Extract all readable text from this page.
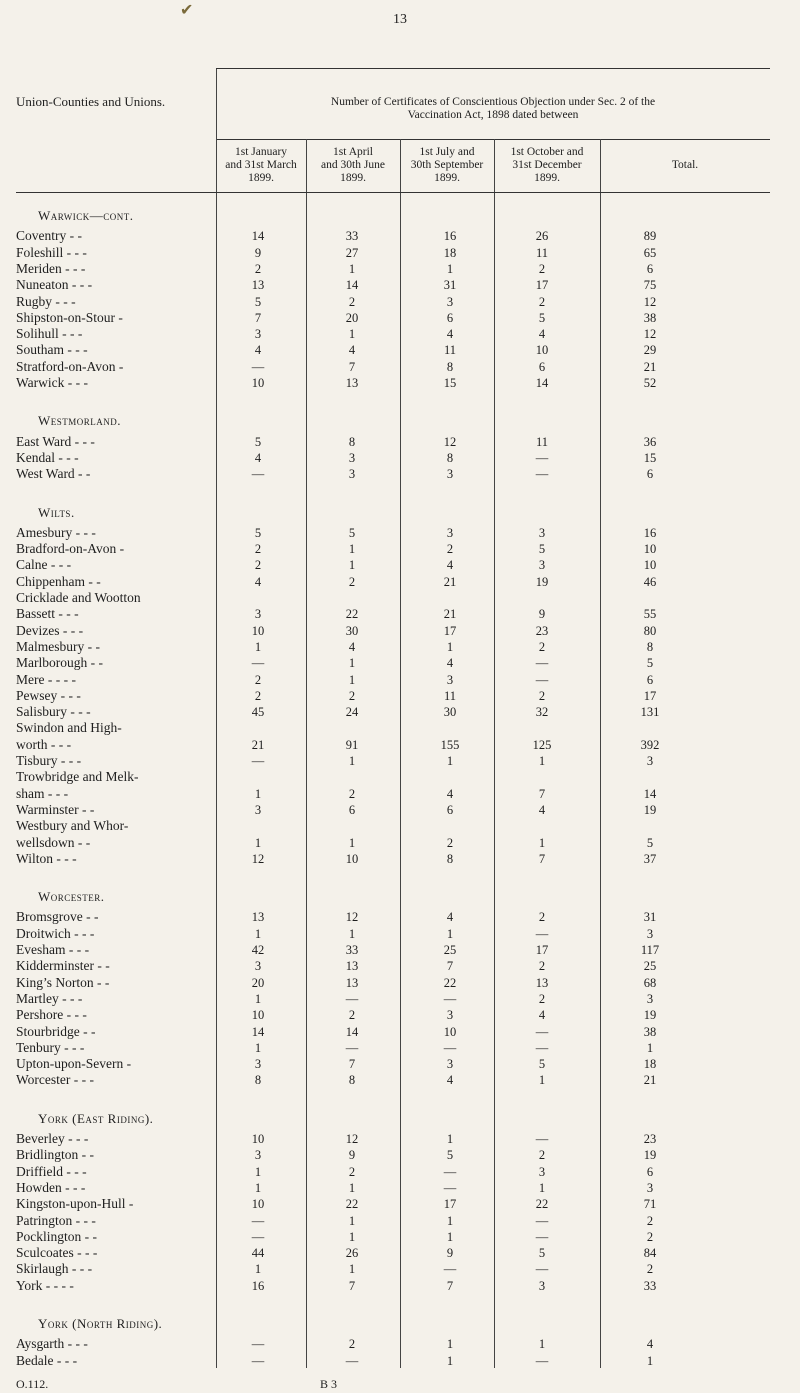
13
✔
Number of Certificates of Conscientious Objection under Sec. 2 of the
Vaccination Act, 1898 dated between
Union-Counties and Unions.
1st January
and 31st March
1899.
1st April
and 30th June
1899.
1st July and
30th September
1899.
1st October and
31st December
1899.
Total.
Warwick—cont.
Coventry - -	14	33	16	26	89
Foleshill - - -	9	27	18	11	65
Meriden - - -	2	1	1	2	6
Nuneaton - - -	13	14	31	17	75
Rugby - - -	5	2	3	2	12
Shipston-on-Stour -	7	20	6	5	38
Solihull - - -	3	1	4	4	12
Southam - - -	4	4	11	10	29
Stratford-on-Avon -	—	7	8	6	21
Warwick - - -	10	13	15	14	52
Westmorland.
East Ward - - -	5	8	12	11	36
Kendal - - -	4	3	8	—	15
West Ward - -	—	3	3	—	6
Wilts.
Amesbury - - -	5	5	3	3	16
Bradford-on-Avon -	2	1	2	5	10
Calne - - -	2	1	4	3	10
Chippenham - -	4	2	21	19	46
Cricklade and Wootton
Bassett - - -	3	22	21	9	55
Devizes - - -	10	30	17	23	80
Malmesbury - -	1	4	1	2	8
Marlborough - -	—	1	4	—	5
Mere - - - -	2	1	3	—	6
Pewsey - - -	2	2	11	2	17
Salisbury - - -	45	24	30	32	131
Swindon and High-
worth - - -	21	91	155	125	392
Tisbury - - -	—	1	1	1	3
Trowbridge and Melk-
sham - - -	1	2	4	7	14
Warminster - -	3	6	6	4	19
Westbury and Whor-
wellsdown - -	1	1	2	1	5
Wilton - - -	12	10	8	7	37
Worcester.
Bromsgrove - -	13	12	4	2	31
Droitwich - - -	1	1	1	—	3
Evesham - - -	42	33	25	17	117
Kidderminster - -	3	13	7	2	25
King’s Norton - -	20	13	22	13	68
Martley - - -	1	—	—	2	3
Pershore - - -	10	2	3	4	19
Stourbridge - -	14	14	10	—	38
Tenbury - - -	1	—	—	—	1
Upton-upon-Severn -	3	7	3	5	18
Worcester - - -	8	8	4	1	21
York (East Riding).
Beverley - - -	10	12	1	—	23
Bridlington - -	3	9	5	2	19
Driffield - - -	1	2	—	3	6
Howden - - -	1	1	—	1	3
Kingston-upon-Hull -	10	22	17	22	71
Patrington - - -	—	1	1	—	2
Pocklington - -	—	1	1	—	2
Sculcoates - - -	44	26	9	5	84
Skirlaugh - - -	1	1	—	—	2
York - - - -	16	7	7	3	33
York (North Riding).
Aysgarth - - -	—	2	1	1	4
Bedale - - -	—	—	1	—	1
O.112.	B 3
